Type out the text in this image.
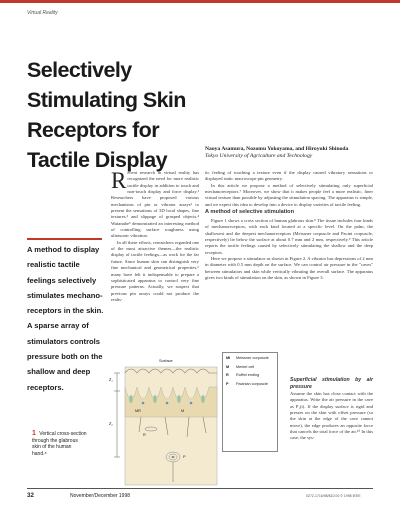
Virtual Reality
Selectively
Stimulating Skin
Receptors for
Tactile Display	Naoya Asamura, Nozomu Yokoyama, and Hiroyuki Shinoda
Tokyo University of Agriculture and Technology
R ecent research in virtual reality has recognized the need for more realistic tactile display in addition to touch and non-touch display and force display.¹ Researchers have proposed various mechanisms of pin or vibrator arrays² to present the sensations of 3D local shapes, fine textures,³ and slippage of grasped objects.⁴ Watanabe⁵ demonstrated an interesting method of controlling surface roughness using ultrasonic vibration.

In all these efforts, researchers regarded one of the most attractive themes—the realistic display of tactile feelings—as work for the far future. Since human skin can distinguish very fine mechanical and geometrical properties,⁶ many have felt it indispensable to prepare a sophisticated apparatus to control very fine pressure patterns. Actually, we suspect that previous pin arrays could not produce the realis-

tic feeling of touching a texture even if the display caused vibratory sensations or displayed static macroscope pin geometry.

In this article we propose a method of selectively stimulating only superficial mechanoreceptors.⁷ Moreover, we show that it makes people feel a more realistic, finer virtual texture than possible by adjusting the stimulation spacing. The apparatus is simple, and we expect this idea to develop into a device to display varieties of tactile feeling.

A method of selective stimulation

Figure 1 shows a cross section of human glabrous skin.⁸ The tissue includes four kinds of mechanoreceptors, with each kind located at a specific level. On the palm, the shallowest and the deepest mechanoreceptors (Meissner corpuscle and Pacini corpuscle, respectively) lie below the surface at about 0.7 mm and 2 mm, respectively.⁹ This article reports the tactile feelings caused by selectively stimulating the shallow and the deep receptors.

Here we propose a stimulator as shown in Figure 2. A vibrator has depressions of 2 mm in diameter with 0.5 mm depth on the surface. We can control air pressure in the "caves" between stimulators and skin while vertically vibrating the overall surface. The apparatus gives two kinds of stimulation on the skin, as shown in Figure 3.

Superficial stimulation by air pressure

Assume the skin has close contact with the apparatus. Write the air pressure in the cave as P₁(t). If the display surface is rigid and presses on the skin with offset pressure (so the skin at the edge of the cave cannot move), the edge produces an opposite force that cancels the total force of the air.¹⁰ In this case, the sys-

A method to display realistic tactile feelings selectively stimulates mechano-receptors in the skin. A sparse array of stimulators controls pressure both on the shallow and deep receptors.
Surface
Z₁
Z₂
MR	M
R
P
1 Vertical cross-section through the glabrous skin of the human hand.⁸
MI	Meissner corpuscle
M	Merkel cell
R	Ruffini ending
P	Pacinian corpuscle
32	November/December 1998	0272-1716/98/$10.00 © 1998 IEEE
